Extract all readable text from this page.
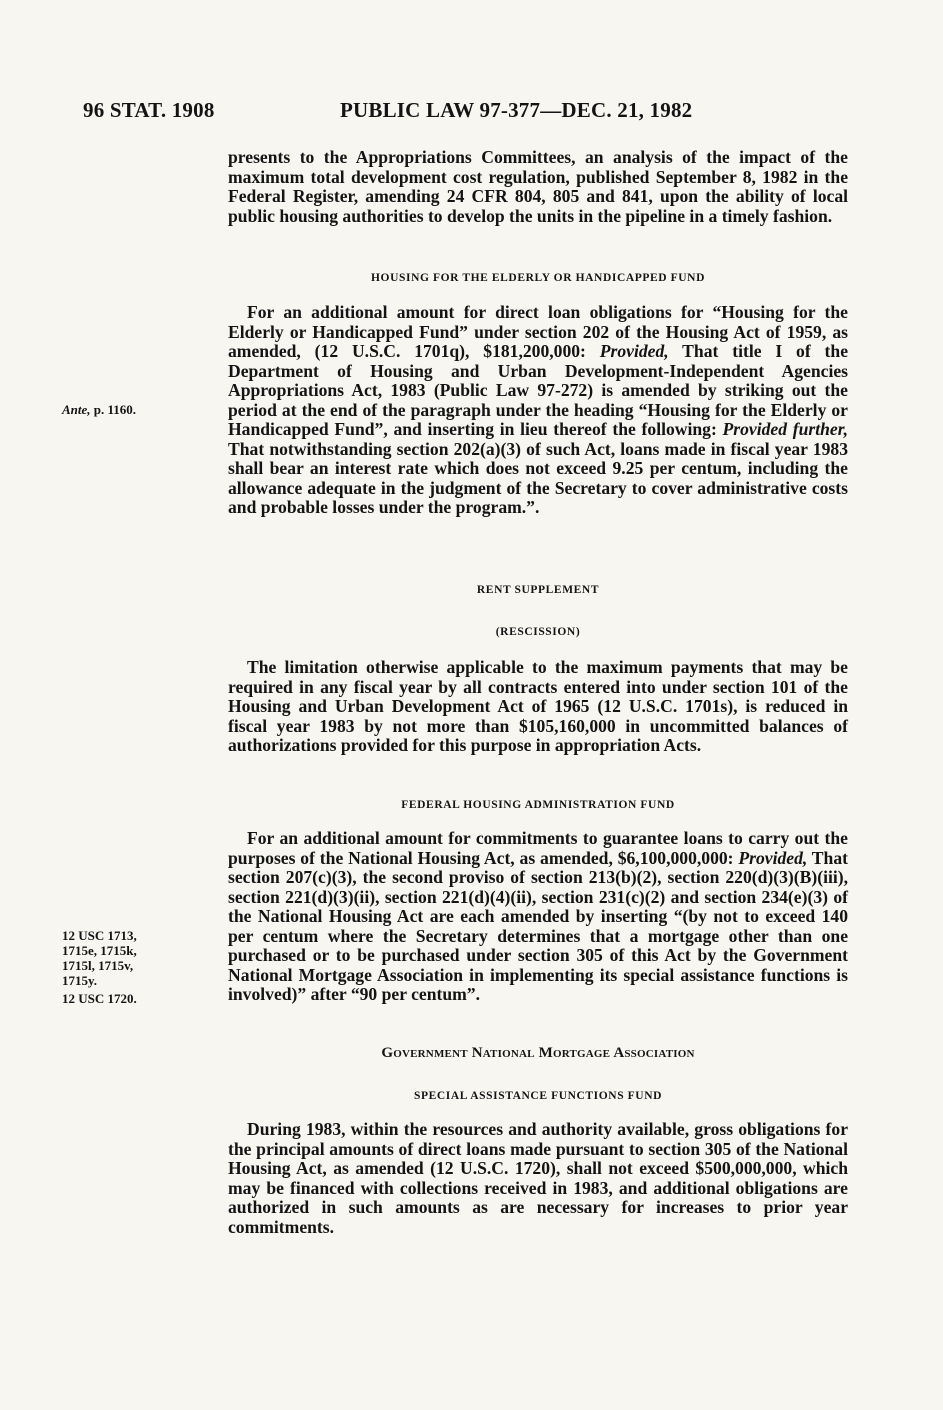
96 STAT. 1908	PUBLIC LAW 97-377—DEC. 21, 1982

presents to the Appropriations Committees, an analysis of the impact of the maximum total development cost regulation, published September 8, 1982 in the Federal Register, amending 24 CFR 804, 805 and 841, upon the ability of local public housing authorities to develop the units in the pipeline in a timely fashion.

HOUSING FOR THE ELDERLY OR HANDICAPPED FUND

For an additional amount for direct loan obligations for “Housing for the Elderly or Handicapped Fund” under section 202 of the Housing Act of 1959, as amended, (12 U.S.C. 1701q), $181,200,000: Provided, That title I of the Department of Housing and Urban Development-Independent Agencies Appropriations Act, 1983 (Public Law 97-272) is amended by striking out the period at the end of the paragraph under the heading “Housing for the Elderly or Handicapped Fund”, and inserting in lieu thereof the following: Provided further, That notwithstanding section 202(a)(3) of such Act, loans made in fiscal year 1983 shall bear an interest rate which does not exceed 9.25 per centum, including the allowance adequate in the judgment of the Secretary to cover administrative costs and probable losses under the program.”.

Ante, p. 1160.

RENT SUPPLEMENT

(RESCISSION)

The limitation otherwise applicable to the maximum payments that may be required in any fiscal year by all contracts entered into under section 101 of the Housing and Urban Development Act of 1965 (12 U.S.C. 1701s), is reduced in fiscal year 1983 by not more than $105,160,000 in uncommitted balances of authorizations provided for this purpose in appropriation Acts.

FEDERAL HOUSING ADMINISTRATION FUND

For an additional amount for commitments to guarantee loans to carry out the purposes of the National Housing Act, as amended, $6,100,000,000: Provided, That section 207(c)(3), the second proviso of section 213(b)(2), section 220(d)(3)(B)(iii), section 221(d)(3)(ii), section 221(d)(4)(ii), section 231(c)(2) and section 234(e)(3) of the National Housing Act are each amended by inserting “(by not to exceed 140 per centum where the Secretary determines that a mortgage other than one purchased or to be purchased under section 305 of this Act by the Government National Mortgage Association in implementing its special assistance functions is involved)” after “90 per centum”.

12 USC 1713,
1715e, 1715k,
1715l, 1715v,
1715y.
12 USC 1720.

Government National Mortgage Association

SPECIAL ASSISTANCE FUNCTIONS FUND

During 1983, within the resources and authority available, gross obligations for the principal amounts of direct loans made pursuant to section 305 of the National Housing Act, as amended (12 U.S.C. 1720), shall not exceed $500,000,000, which may be financed with collections received in 1983, and additional obligations are authorized in such amounts as are necessary for increases to prior year commitments.
